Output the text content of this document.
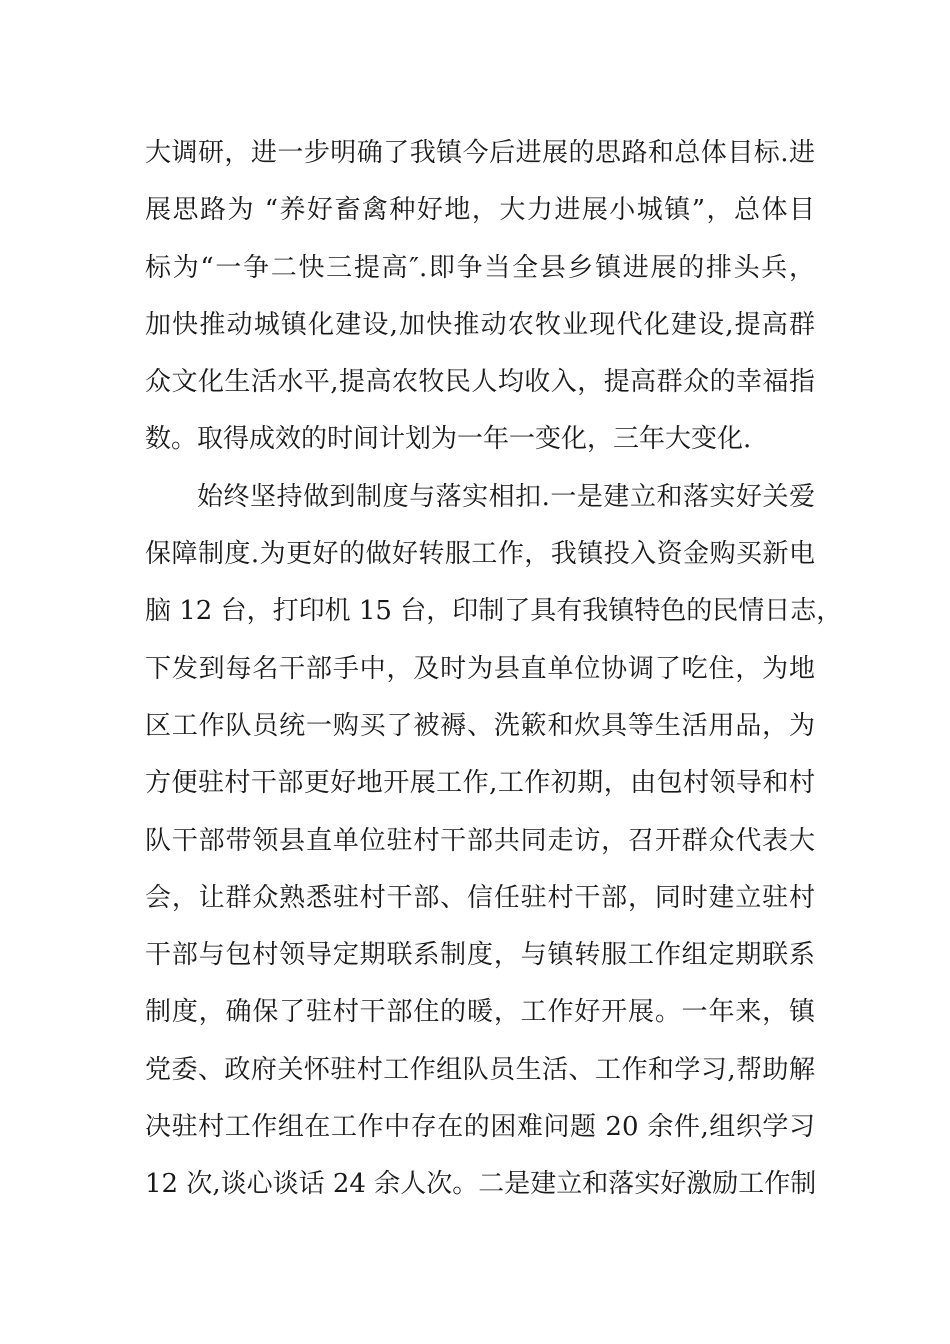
大调研，进一步明确了我镇今后进展的思路和总体目标.进
展思路为 “养好畜禽种好地，大力进展小城镇”，总体目
标为“一争二快三提高″.即争当全县乡镇进展的排头兵，
加快推动城镇化建设,加快推动农牧业现代化建设,提高群
众文化生活水平,提高农牧民人均收入，提高群众的幸福指
数。取得成效的时间计划为一年一变化，三年大变化.
始终坚持做到制度与落实相扣.一是建立和落实好关爱
保障制度.为更好的做好转服工作，我镇投入资金购买新电
脑 12 台，打印机 15 台，印制了具有我镇特色的民情日志，
下发到每名干部手中，及时为县直单位协调了吃住，为地
区工作队员统一购买了被褥、洗簌和炊具等生活用品，为
方便驻村干部更好地开展工作,工作初期，由包村领导和村
队干部带领县直单位驻村干部共同走访，召开群众代表大
会，让群众熟悉驻村干部、信任驻村干部，同时建立驻村
干部与包村领导定期联系制度，与镇转服工作组定期联系
制度，确保了驻村干部住的暖，工作好开展。一年来，镇
党委、政府关怀驻村工作组队员生活、工作和学习,帮助解
决驻村工作组在工作中存在的困难问题 20 余件,组织学习
12 次,谈心谈话 24 余人次。二是建立和落实好激励工作制
